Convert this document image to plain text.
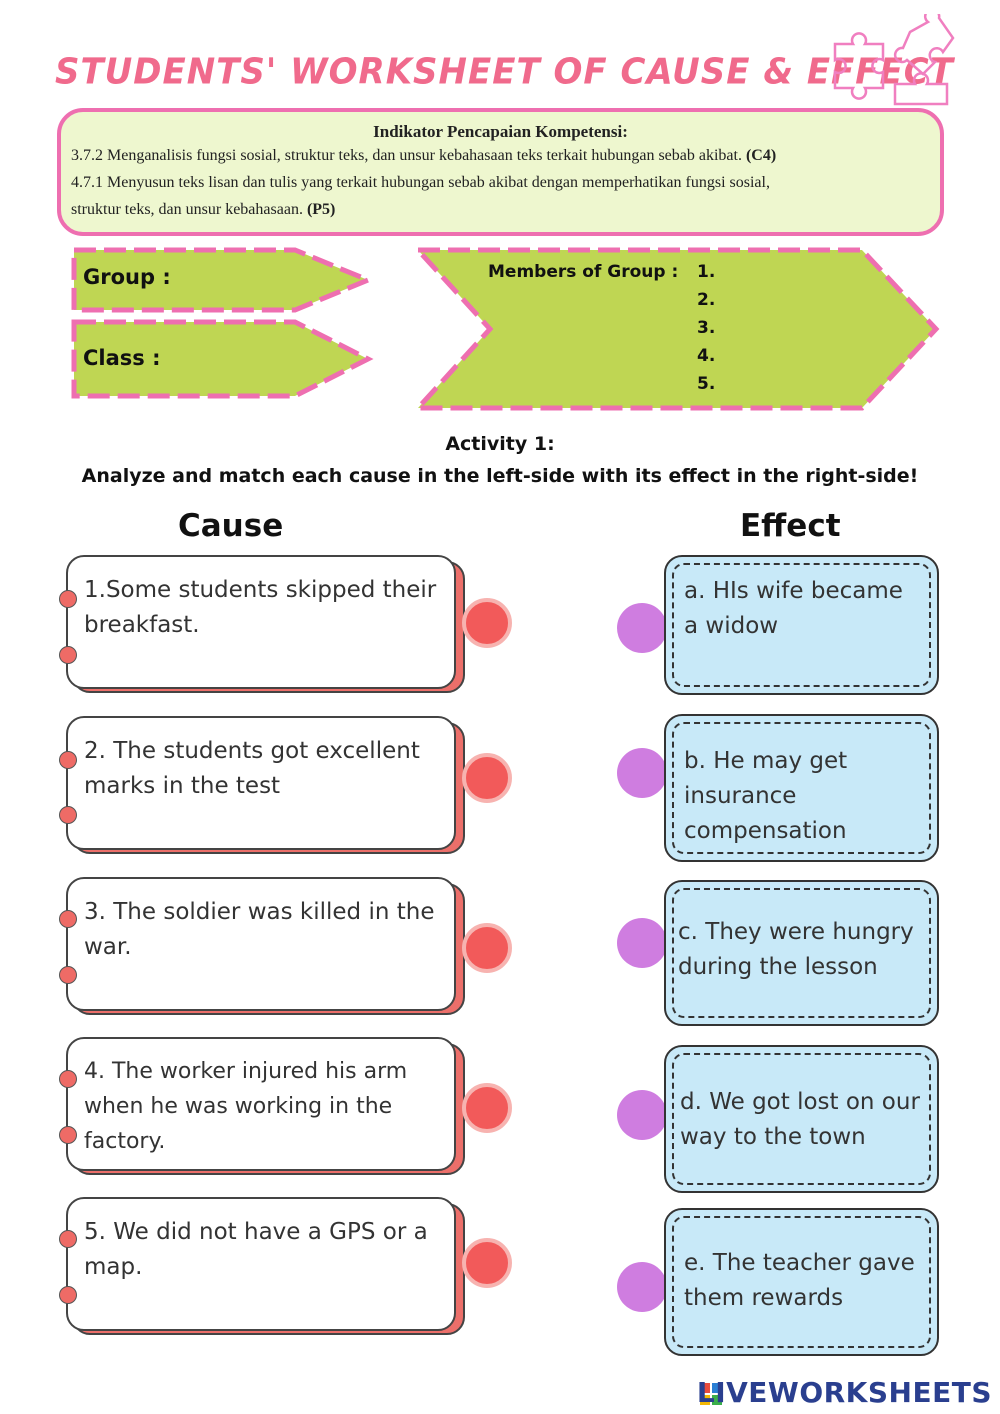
STUDENTS' WORKSHEET OF CAUSE & EFFECT
Indikator Pencapaian Kompetensi:
3.7.2 Menganalisis fungsi sosial, struktur teks, dan unsur kebahasaan teks terkait hubungan sebab akibat. (C4)
4.7.1 Menyusun teks lisan dan tulis yang terkait hubungan sebab akibat dengan memperhatikan fungsi sosial,
struktur teks, dan unsur kebahasaan. (P5)
Group :
Class :
Members of Group : 1.
2.
3.
4.
5.
Activity 1:
Analyze and match each cause in the left-side with its effect in the right-side!
Cause	Effect
1.Some students skipped their breakfast.
2. The students got excellent marks in the test
3. The soldier was killed in the war.
4. The worker injured his arm when he was working in the factory.
5. We did not have a GPS or a map.
a. HIs wife became a widow
b. He may get insurance compensation
c. They were hungry during the lesson
d. We got lost on our way to the town
e. The teacher gave them rewards
LIVEWORKSHEETS
